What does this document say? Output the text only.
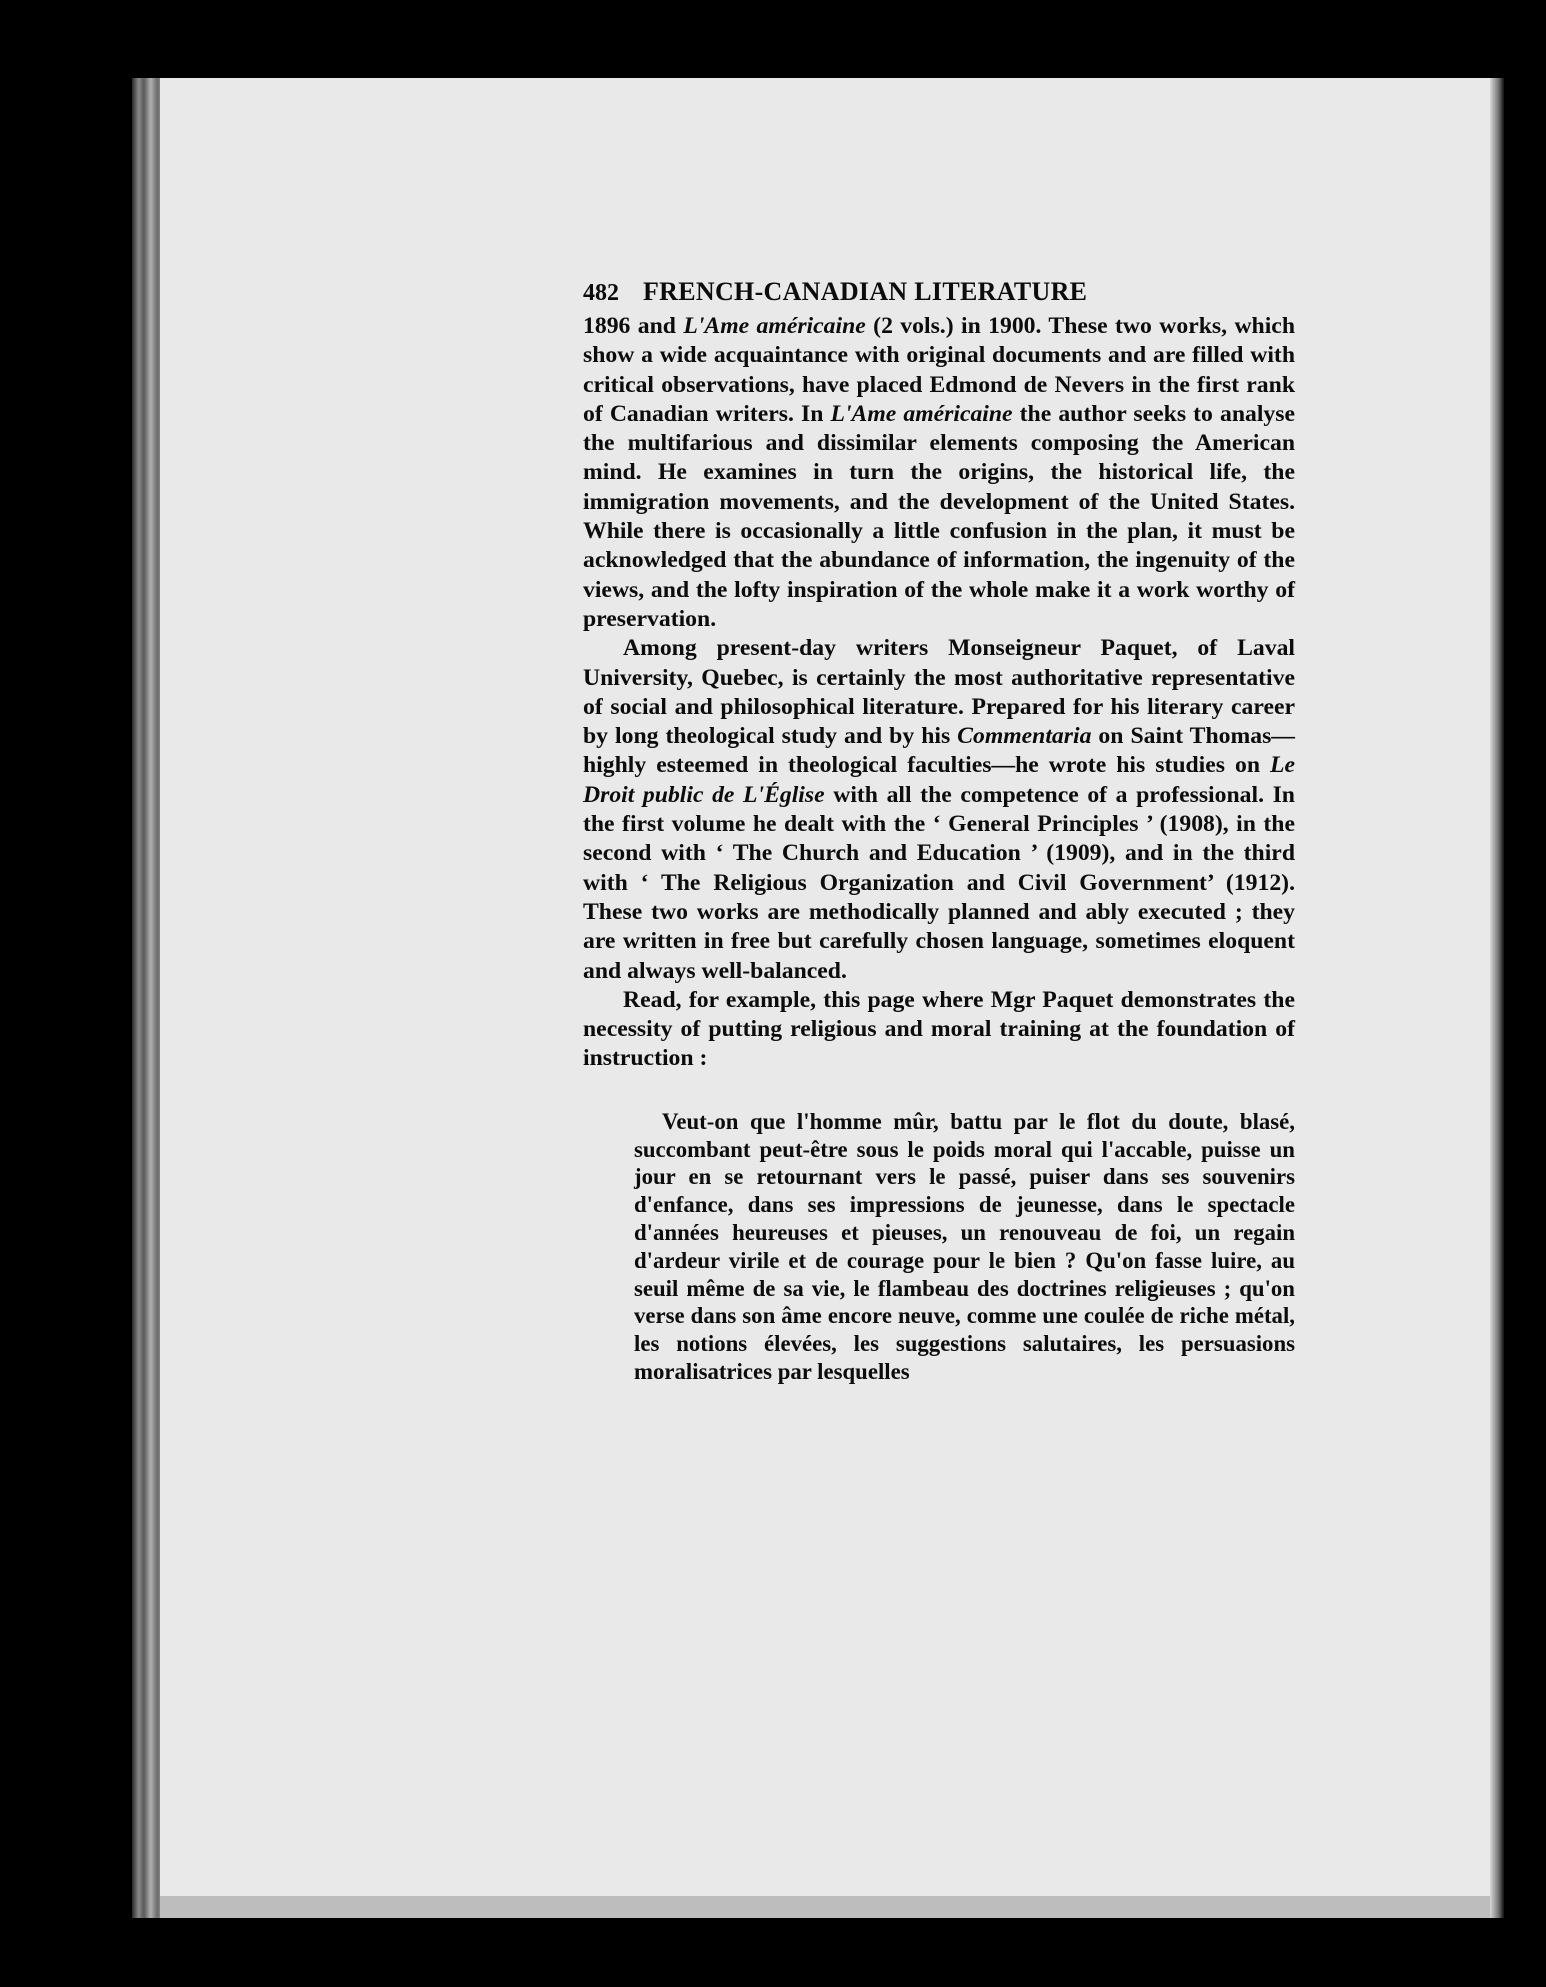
482 FRENCH-CANADIAN LITERATURE
1896 and L'Ame américaine (2 vols.) in 1900. These two works, which show a wide acquaintance with original documents and are filled with critical observations, have placed Edmond de Nevers in the first rank of Canadian writers. In L'Ame américaine the author seeks to analyse the multifarious and dissimilar elements composing the American mind. He examines in turn the origins, the historical life, the immigration movements, and the development of the United States. While there is occasionally a little confusion in the plan, it must be acknowledged that the abundance of information, the ingenuity of the views, and the lofty inspiration of the whole make it a work worthy of preservation.
Among present-day writers Monseigneur Paquet, of Laval University, Quebec, is certainly the most authoritative representative of social and philosophical literature. Prepared for his literary career by long theological study and by his Commentaria on Saint Thomas—highly esteemed in theological faculties—he wrote his studies on Le Droit public de L'Église with all the competence of a professional. In the first volume he dealt with the ‘ General Principles ’ (1908), in the second with ‘ The Church and Education ’ (1909), and in the third with ‘ The Religious Organization and Civil Government’ (1912). These two works are methodically planned and ably executed ; they are written in free but carefully chosen language, sometimes eloquent and always well-balanced.
Read, for example, this page where Mgr Paquet demonstrates the necessity of putting religious and moral training at the foundation of instruction :
Veut-on que l'homme mûr, battu par le flot du doute, blasé, succombant peut-être sous le poids moral qui l'accable, puisse un jour en se retournant vers le passé, puiser dans ses souvenirs d'enfance, dans ses impressions de jeunesse, dans le spectacle d'années heureuses et pieuses, un renouveau de foi, un regain d'ardeur virile et de courage pour le bien ? Qu'on fasse luire, au seuil même de sa vie, le flambeau des doctrines religieuses ; qu'on verse dans son âme encore neuve, comme une coulée de riche métal, les notions élevées, les suggestions salutaires, les persuasions moralisatrices par lesquelles
